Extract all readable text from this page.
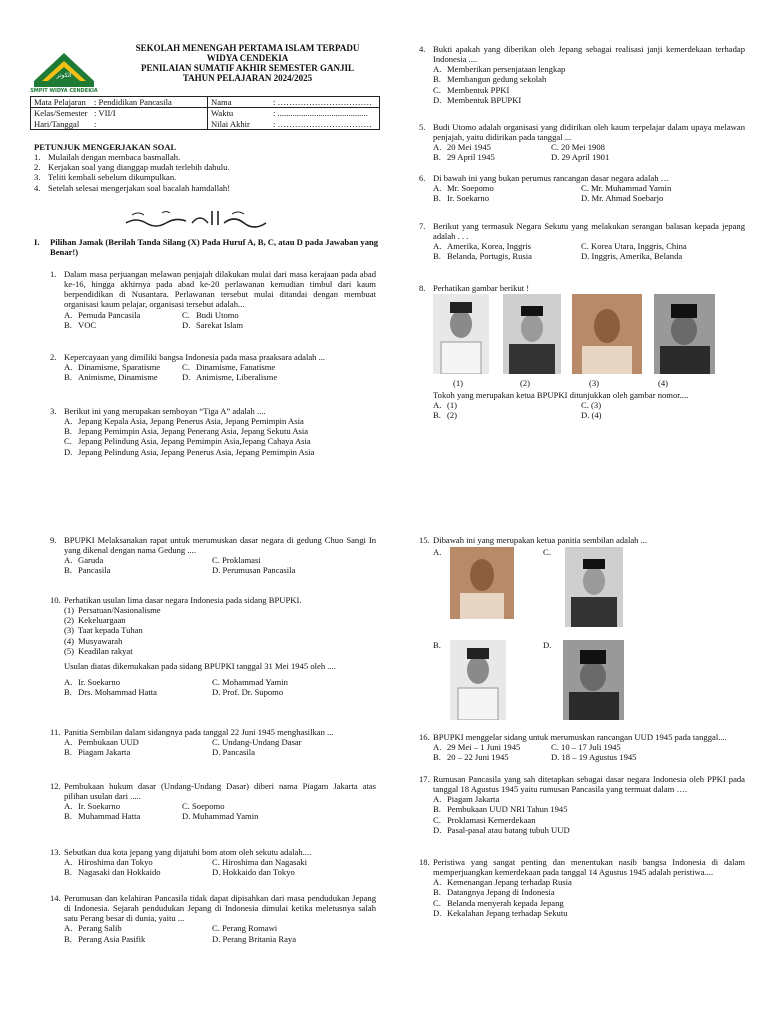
الكوثر
SMPIT WIDYA CENDEKIA
SEKOLAH MENENGAH PERTAMA ISLAM TERPADU
WIDYA CENDEKIA
PENILAIAN SUMATIF AKHIR SEMESTER GANJIL
TAHUN PELAJARAN 2024/2025
Mata Pelajaran : Pendidikan Pancasila	Nama : ……………………………

Kelas/Semester : VII/I	Waktu : ..........................................

Hari/Tanggal :	Nilai Akhir : ……………………………
PETUNJUK MENGERJAKAN SOAL
1. Mulailah dengan membaca basmallah.
2. Kerjakan soal yang dianggap mudah terlebih dahulu.
3. Teliti kembali sebelum dikumpulkan.
4. Setelah selesai mengerjakan soal bacalah hamdallah!
I.	Pilihan Jamak (Berilah Tanda Silang (X) Pada Huruf A, B, C, atau D pada Jawaban yang Benar!)
1. Dalam masa perjuangan melawan penjajah dilakukan mulai dari masa kerajaan pada abad ke-16, hingga akhirnya pada abad ke-20 perlawanan kemudian timbul dari kaum berpendidikan di Nusantara. Perlawanan tersebut mulai ditandai dengan membuat organisasi kaum pelajar, organisasi tersebut adalah...
A. Pemuda Pancasila	C. Budi Utomo
B. VOC	D. Sarekat Islam
2. Kepercayaan yang dimiliki bangsa Indonesia pada masa praaksara adalah ...
A. Dinamisme, Sparatisme	C. Dinamisme, Fanatisme
B. Animisme, Dinamisme	D. Animisme, Liberalisme
3. Berikut ini yang merupakan semboyan “Tiga A” adalah ....
A. Jepang Kepala Asia, Jepang Penerus Asia, Jepang Pemimpin Asia
B. Jepang Pemimpin Asia, Jepang Penerang Asia, Jepang Sekutu Asia
C. Jepang Pelindung Asia, Jepang Pemimpin Asia,Jepang Cahaya Asia
D. Jepang Pelindung Asia, Jepang Penerus Asia, Jepang Pemimpin Asia
4. Bukti apakah yang diberikan oleh Jepang sebagai realisasi janji kemerdekaan terhadap Indonesia ....
A. Memberikan persenjataan lengkap
B. Membangun gedung sekolah
C. Membentuk PPKI
D. Membentuk BPUPKI
5. Budi Utomo adalah organisasi yang didirikan oleh kaum terpelajar dalam upaya melawan penjajah, yaitu didirikan pada tanggal ...
A. 20 Mei 1945	C. 20 Mei 1908
B. 29 April 1945	D. 29 April 1901
6. Di bawah ini yang bukan perumus rancangan dasar negara adalah …
A. Mr. Soepomo	C. Mr. Muhammad Yamin
B. Ir. Soekarno	D. Mr. Ahmad Soebarjo
7. Berikut yang termasuk Negara Sekutu yang melakukan serangan balasan kepada jepang adalah . . .
A. Amerika, Korea, Inggris	C. Korea Utara, Inggris, China
B. Belanda, Portugis, Rusia	D. Inggris, Amerika, Belanda
8. Perhatikan gambar berikut !
(1)	(2)	(3)	(4)
Tokoh yang merupakan ketua BPUPKI ditunjukkan oleh gambar nomor....
A. (1)	C. (3)
B. (2)	D. (4)
9. BPUPKI Melaksanakan rapat untuk merumuskan dasar negara di gedung Chuo Sangi In yang dikenal dengan nama Gedung ....
A. Garuda	C. Proklamasi
B. Pancasila	D. Perumusan Pancasila
10. Perhatikan usulan lima dasar negara Indonesia pada sidang BPUPKI.
(1) Persatuan/Nasionalisme
(2) Kekeluargaan
(3) Taat kepada Tuhan
(4) Musyawarah
(5) Keadilan rakyat
Usulan diatas dikemukakan pada sidang BPUPKI tanggal 31 Mei 1945 oleh ....
A. Ir. Soekarno	C. Mohammad Yamin
B. Drs. Mohammad Hatta	D. Prof. Dr. Supomo
11. Panitia Sembilan dalam sidangnya pada tanggal 22 Juni 1945 menghasilkan ...
A. Pembukaan UUD	C. Undang-Undang Dasar
B. Piagam Jakarta	D. Pancasila
12. Pembukaan hukum dasar (Undang-Undang Dasar) diberi nama Piagam Jakarta atas pilihan usulan dari .....
A. Ir. Soekarno	C. Soepomo
B. Muhammad Hatta	D. Muhammad Yamin
13. Sebutkan dua kota jepang yang dijatuhi bom atom oleh sekutu adalah....
A. Hiroshima dan Tokyo	C. Hiroshima dan Nagasaki
B. Nagasaki dan Hokkaido	D. Hokkaido dan Tokyo
14. Perumusan dan kelahiran Pancasila tidak dapat dipisahkan dari masa pendudukan Jepang di Indonesia. Sejarah pendudukan Jepang di Indonesia dimulai ketika meletusnya salah satu Perang besar di dunia, yaitu ...
A. Perang Salib	C. Perang Romawi
B. Perang Asia Pasifik	D. Perang Britania Raya
15. Dibawah ini yang merupakan ketua panitia sembilan adalah ...
A.	C.
B.	D.
16. BPUPKI menggelar sidang untuk merumuskan rancangan UUD 1945 pada tanggal....
A. 29 Mei – 1 Juni 1945	C. 10 – 17 Juli 1945
B. 20 – 22 Juni 1945	D. 18 – 19 Agustus 1945
17. Rumusan Pancasila yang sah ditetapkan sebagai dasar negara Indonesia oleh PPKI pada tanggal 18 Agustus 1945 yaitu rumusan Pancasila yang termuat dalam ….
A. Piagam Jakarta
B. Pembukaan UUD NRI Tahun 1945
C. Proklamasi Kemerdekaan
D. Pasal-pasal atau batang tubuh UUD
18. Peristiwa yang sangat penting dan menentukan nasib bangsa Indonesia di dalam memperjuangkan kemerdekaan pada tanggal 14 Agustus 1945 adalah peristiwa....
A. Kemenangan Jepang terhadap Rusia
B. Datangnya Jepang di Indonesia
C. Belanda menyerah kepada Jepang
D. Kekalahan Jepang terhadap Sekutu
